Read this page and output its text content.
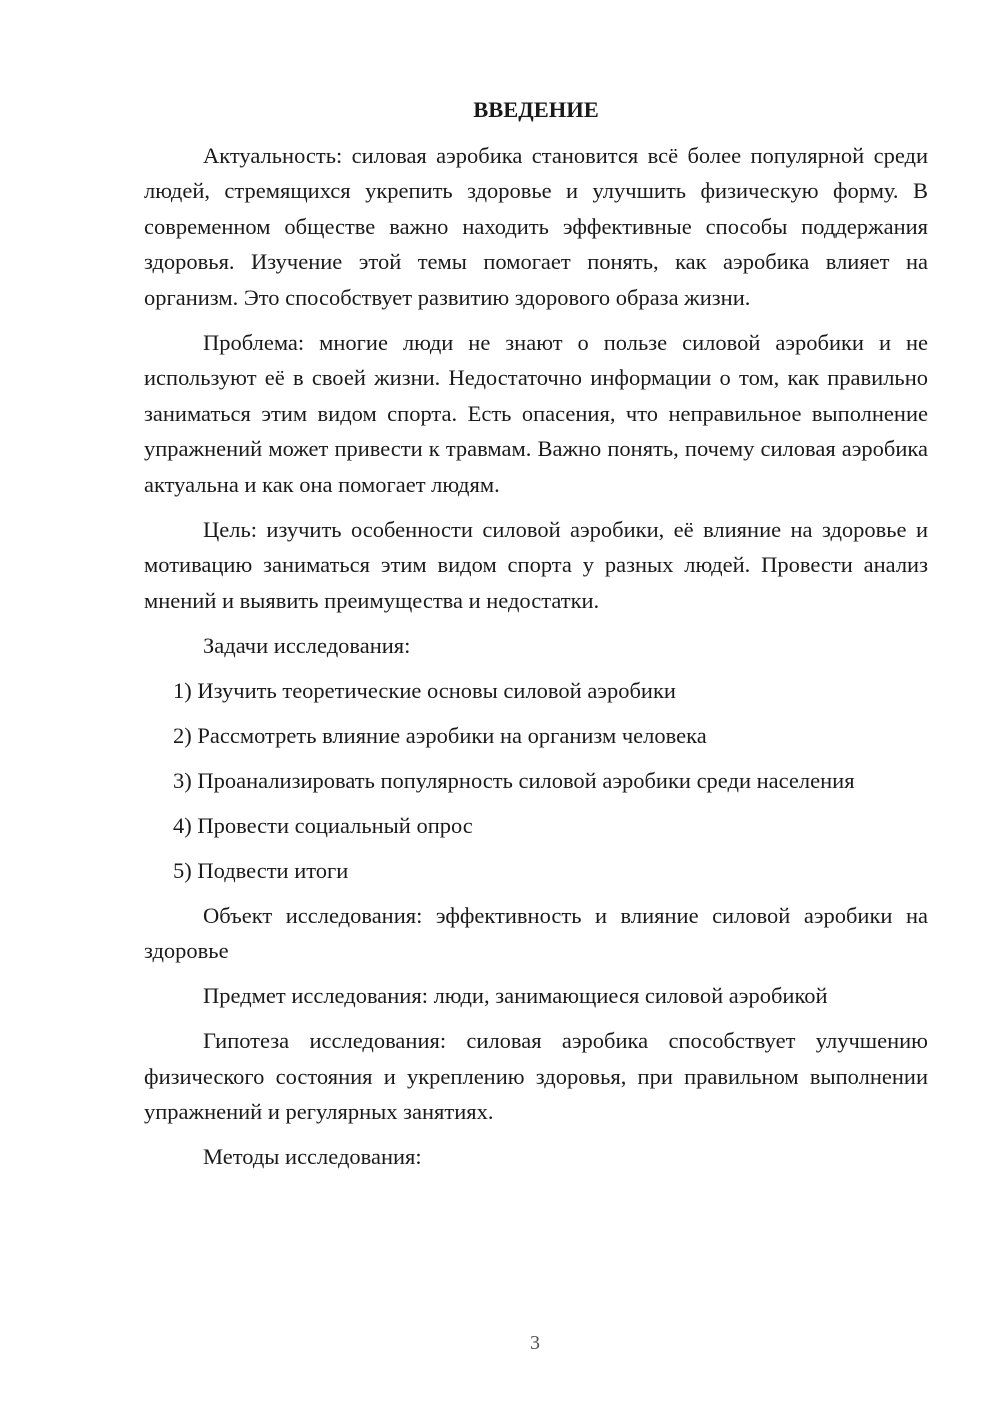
ВВЕДЕНИЕ

Актуальность: силовая аэробика становится всё более популярной среди людей, стремящихся укрепить здоровье и улучшить физическую форму. В современном обществе важно находить эффективные способы поддержания здоровья. Изучение этой темы помогает понять, как аэробика влияет на организм. Это способствует развитию здорового образа жизни.

Проблема: многие люди не знают о пользе силовой аэробики и не используют её в своей жизни. Недостаточно информации о том, как правильно заниматься этим видом спорта. Есть опасения, что неправильное выполнение упражнений может привести к травмам. Важно понять, почему силовая аэробика актуальна и как она помогает людям.

Цель: изучить особенности силовой аэробики, её влияние на здоровье и мотивацию заниматься этим видом спорта у разных людей. Провести анализ мнений и выявить преимущества и недостатки.

Задачи исследования:

1) Изучить теоретические основы силовой аэробики

2) Рассмотреть влияние аэробики на организм человека

3) Проанализировать популярность силовой аэробики среди населения

4) Провести социальный опрос

5) Подвести итоги

Объект исследования: эффективность и влияние силовой аэробики на здоровье

Предмет исследования: люди, занимающиеся силовой аэробикой

Гипотеза исследования: силовая аэробика способствует улучшению физического состояния и укреплению здоровья, при правильном выполнении упражнений и регулярных занятиях.

Методы исследования:

3
